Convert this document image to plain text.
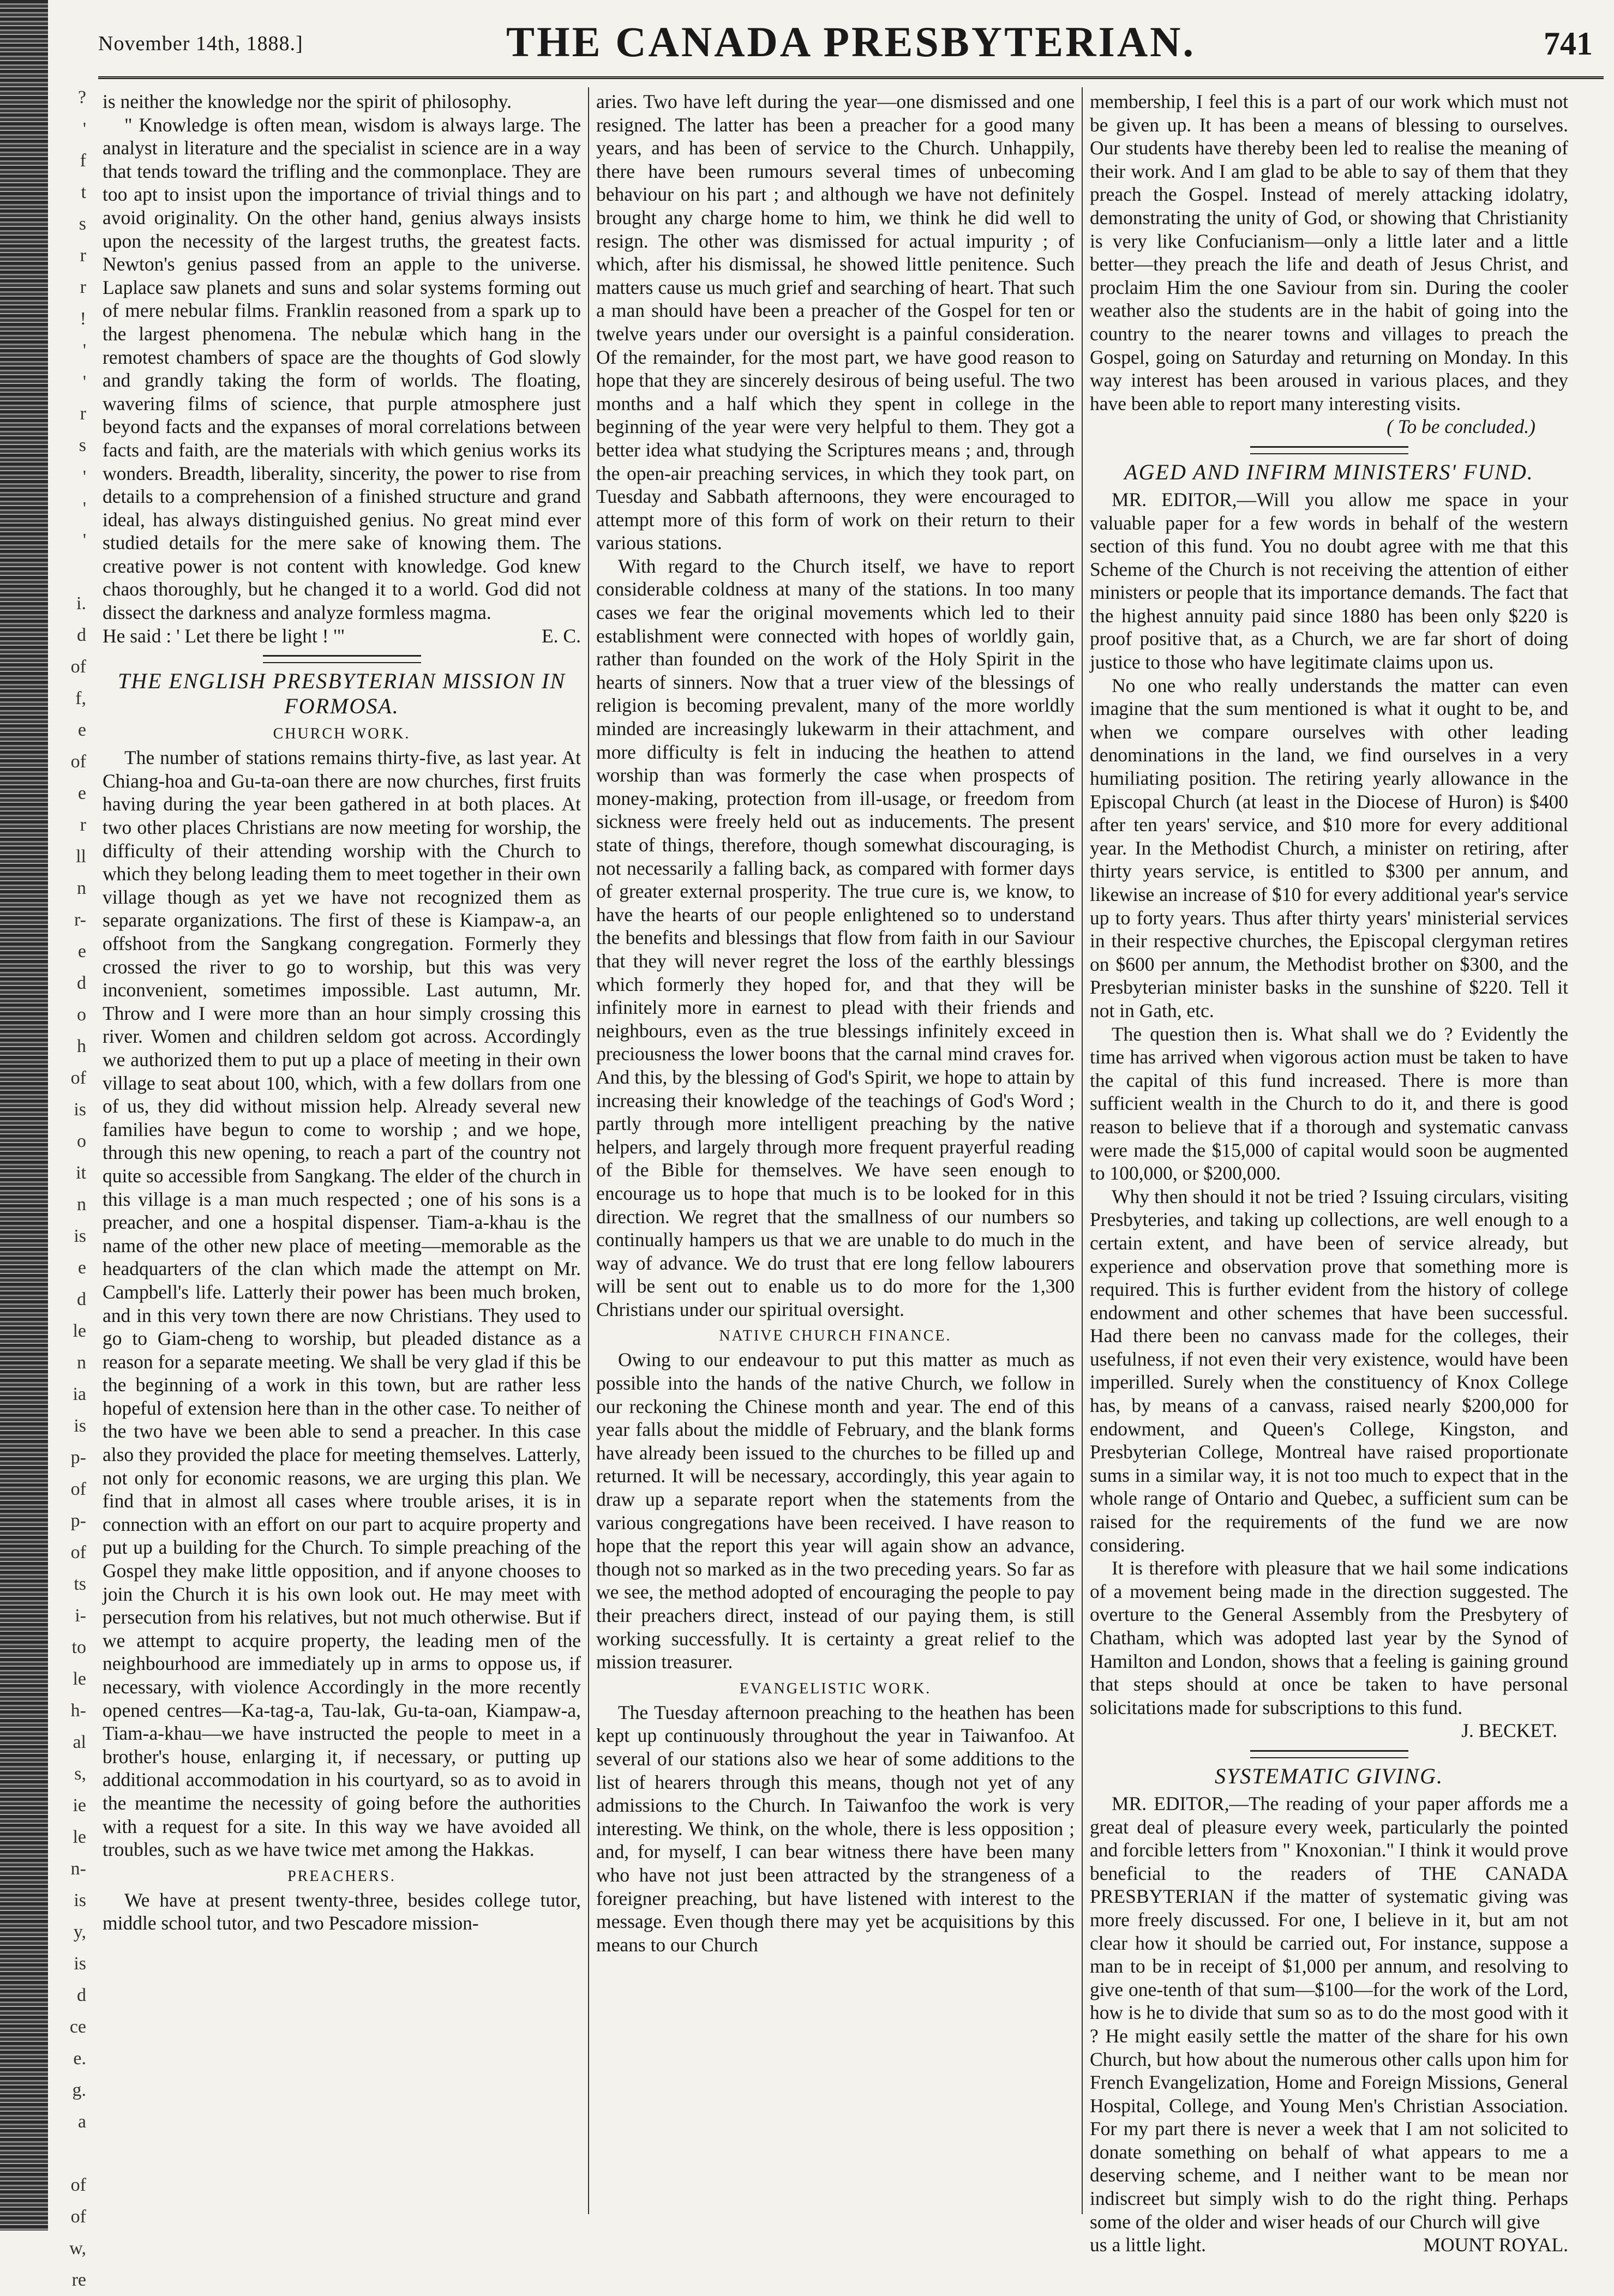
?
'
f
t
s
r
r
!
'
'
r
s
'
'
'
i.
d
of
f,
e
of
e
r
ll
n
r-
e
d
o
h
of
is
o
it
n
is
e
d
le
n
ia
is
p-
of
p-
of
ts
i-
to
le
h-
al
s,
ie
le
n-
is
y,
is
d
ce
e.
g.
a
of
of
w,
re
November 14th, 1888.]	THE CANADA PRESBYTERIAN.	741

is neither the knowledge nor the spirit of philosophy.

" Knowledge is often mean, wisdom is always large. The analyst in literature and the specialist in science are in a way that tends toward the trifling and the commonplace. They are too apt to insist upon the importance of trivial things and to avoid originality. On the other hand, genius always insists upon the necessity of the largest truths, the greatest facts. Newton's genius passed from an apple to the universe. Laplace saw planets and suns and solar systems forming out of mere nebular films. Franklin reasoned from a spark up to the largest phenomena. The nebulæ which hang in the remotest chambers of space are the thoughts of God slowly and grandly taking the form of worlds. The floating, wavering films of science, that purple atmosphere just beyond facts and the expanses of moral correlations between facts and faith, are the materials with which genius works its wonders. Breadth, liberality, sincerity, the power to rise from details to a comprehension of a finished structure and grand ideal, has always distinguished genius. No great mind ever studied details for the mere sake of knowing them. The creative power is not content with knowledge. God knew chaos thoroughly, but he changed it to a world. God did not dissect the darkness and analyze formless magma.

He said : ' Let there be light ! '"	E. C.
THE ENGLISH PRESBYTERIAN MISSION IN FORMOSA.
CHURCH WORK.

The number of stations remains thirty-five, as last year. At Chiang-hoa and Gu-ta-oan there are now churches, first fruits having during the year been gathered in at both places. At two other places Christians are now meeting for worship, the difficulty of their attending worship with the Church to which they belong leading them to meet together in their own village though as yet we have not recognized them as separate organizations. The first of these is Kiampaw-a, an offshoot from the Sangkang congregation. Formerly they crossed the river to go to worship, but this was very inconvenient, sometimes impossible. Last autumn, Mr. Throw and I were more than an hour simply crossing this river. Women and children seldom got across. Accordingly we authorized them to put up a place of meeting in their own village to seat about 100, which, with a few dollars from one of us, they did without mission help. Already several new families have begun to come to worship ; and we hope, through this new opening, to reach a part of the country not quite so accessible from Sangkang. The elder of the church in this village is a man much respected ; one of his sons is a preacher, and one a hospital dispenser. Tiam-a-khau is the name of the other new place of meeting—memorable as the headquarters of the clan which made the attempt on Mr. Campbell's life. Latterly their power has been much broken, and in this very town there are now Christians. They used to go to Giam-cheng to worship, but pleaded distance as a reason for a separate meeting. We shall be very glad if this be the beginning of a work in this town, but are rather less hopeful of extension here than in the other case. To neither of the two have we been able to send a preacher. In this case also they provided the place for meeting themselves. Latterly, not only for economic reasons, we are urging this plan. We find that in almost all cases where trouble arises, it is in connection with an effort on our part to acquire property and put up a building for the Church. To simple preaching of the Gospel they make little opposition, and if anyone chooses to join the Church it is his own look out. He may meet with persecution from his relatives, but not much otherwise. But if we attempt to acquire property, the leading men of the neighbourhood are immediately up in arms to oppose us, if necessary, with violence Accordingly in the more recently opened centres—Ka-tag-a, Tau-lak, Gu-ta-oan, Kiampaw-a, Tiam-a-khau—we have instructed the people to meet in a brother's house, enlarging it, if necessary, or putting up additional accommodation in his courtyard, so as to avoid in the meantime the necessity of going before the authorities with a request for a site. In this way we have avoided all troubles, such as we have twice met among the Hakkas.

PREACHERS.

We have at present twenty-three, besides college tutor, middle school tutor, and two Pescadore mission-

aries. Two have left during the year—one dismissed and one resigned. The latter has been a preacher for a good many years, and has been of service to the Church. Unhappily, there have been rumours several times of unbecoming behaviour on his part ; and although we have not definitely brought any charge home to him, we think he did well to resign. The other was dismissed for actual impurity ; of which, after his dismissal, he showed little penitence. Such matters cause us much grief and searching of heart. That such a man should have been a preacher of the Gospel for ten or twelve years under our oversight is a painful consideration. Of the remainder, for the most part, we have good reason to hope that they are sincerely desirous of being useful. The two months and a half which they spent in college in the beginning of the year were very helpful to them. They got a better idea what studying the Scriptures means ; and, through the open-air preaching services, in which they took part, on Tuesday and Sabbath afternoons, they were encouraged to attempt more of this form of work on their return to their various stations.

With regard to the Church itself, we have to report considerable coldness at many of the stations. In too many cases we fear the original movements which led to their establishment were connected with hopes of worldly gain, rather than founded on the work of the Holy Spirit in the hearts of sinners. Now that a truer view of the blessings of religion is becoming prevalent, many of the more worldly minded are increasingly lukewarm in their attachment, and more difficulty is felt in inducing the heathen to attend worship than was formerly the case when prospects of money-making, protection from ill-usage, or freedom from sickness were freely held out as inducements. The present state of things, therefore, though somewhat discouraging, is not necessarily a falling back, as compared with former days of greater external prosperity. The true cure is, we know, to have the hearts of our people enlightened so to understand the benefits and blessings that flow from faith in our Saviour that they will never regret the loss of the earthly blessings which formerly they hoped for, and that they will be infinitely more in earnest to plead with their friends and neighbours, even as the true blessings infinitely exceed in preciousness the lower boons that the carnal mind craves for. And this, by the blessing of God's Spirit, we hope to attain by increasing their knowledge of the teachings of God's Word ; partly through more intelligent preaching by the native helpers, and largely through more frequent prayerful reading of the Bible for themselves. We have seen enough to encourage us to hope that much is to be looked for in this direction. We regret that the smallness of our numbers so continually hampers us that we are unable to do much in the way of advance. We do trust that ere long fellow labourers will be sent out to enable us to do more for the 1,300 Christians under our spiritual oversight.

NATIVE CHURCH FINANCE.

Owing to our endeavour to put this matter as much as possible into the hands of the native Church, we follow in our reckoning the Chinese month and year. The end of this year falls about the middle of February, and the blank forms have already been issued to the churches to be filled up and returned. It will be necessary, accordingly, this year again to draw up a separate report when the statements from the various congregations have been received. I have reason to hope that the report this year will again show an advance, though not so marked as in the two preceding years. So far as we see, the method adopted of encouraging the people to pay their preachers direct, instead of our paying them, is still working successfully. It is certainty a great relief to the mission treasurer.

EVANGELISTIC WORK.

The Tuesday afternoon preaching to the heathen has been kept up continuously throughout the year in Taiwanfoo. At several of our stations also we hear of some additions to the list of hearers through this means, though not yet of any admissions to the Church. In Taiwanfoo the work is very interesting. We think, on the whole, there is less opposition ; and, for myself, I can bear witness there have been many who have not just been attracted by the strangeness of a foreigner preaching, but have listened with interest to the message. Even though there may yet be acquisitions by this means to our Church

membership, I feel this is a part of our work which must not be given up. It has been a means of blessing to ourselves. Our students have thereby been led to realise the meaning of their work. And I am glad to be able to say of them that they preach the Gospel. Instead of merely attacking idolatry, demonstrating the unity of God, or showing that Christianity is very like Confucianism—only a little later and a little better—they preach the life and death of Jesus Christ, and proclaim Him the one Saviour from sin. During the cooler weather also the students are in the habit of going into the country to the nearer towns and villages to preach the Gospel, going on Saturday and returning on Monday. In this way interest has been aroused in various places, and they have been able to report many interesting visits.

( To be concluded.)
AGED AND INFIRM MINISTERS' FUND.

MR. EDITOR,—Will you allow me space in your valuable paper for a few words in behalf of the western section of this fund. You no doubt agree with me that this Scheme of the Church is not receiving the attention of either ministers or people that its importance demands. The fact that the highest annuity paid since 1880 has been only $220 is proof positive that, as a Church, we are far short of doing justice to those who have legitimate claims upon us.

No one who really understands the matter can even imagine that the sum mentioned is what it ought to be, and when we compare ourselves with other leading denominations in the land, we find ourselves in a very humiliating position. The retiring yearly allowance in the Episcopal Church (at least in the Diocese of Huron) is $400 after ten years' service, and $10 more for every additional year. In the Methodist Church, a minister on retiring, after thirty years service, is entitled to $300 per annum, and likewise an increase of $10 for every additional year's service up to forty years. Thus after thirty years' ministerial services in their respective churches, the Episcopal clergyman retires on $600 per annum, the Methodist brother on $300, and the Presbyterian minister basks in the sunshine of $220. Tell it not in Gath, etc.

The question then is. What shall we do ? Evidently the time has arrived when vigorous action must be taken to have the capital of this fund increased. There is more than sufficient wealth in the Church to do it, and there is good reason to believe that if a thorough and systematic canvass were made the $15,000 of capital would soon be augmented to 100,000, or $200,000.

Why then should it not be tried ? Issuing circulars, visiting Presbyteries, and taking up collections, are well enough to a certain extent, and have been of service already, but experience and observation prove that something more is required. This is further evident from the history of college endowment and other schemes that have been successful. Had there been no canvass made for the colleges, their usefulness, if not even their very existence, would have been imperilled. Surely when the constituency of Knox College has, by means of a canvass, raised nearly $200,000 for endowment, and Queen's College, Kingston, and Presbyterian College, Montreal have raised proportionate sums in a similar way, it is not too much to expect that in the whole range of Ontario and Quebec, a sufficient sum can be raised for the requirements of the fund we are now considering.

It is therefore with pleasure that we hail some indications of a movement being made in the direction suggested. The overture to the General Assembly from the Presbytery of Chatham, which was adopted last year by the Synod of Hamilton and London, shows that a feeling is gaining ground that steps should at once be taken to have personal solicitations made for subscriptions to this fund.

J. BECKET.
SYSTEMATIC GIVING.

MR. EDITOR,—The reading of your paper affords me a great deal of pleasure every week, particularly the pointed and forcible letters from " Knoxonian." I think it would prove beneficial to the readers of THE CANADA PRESBYTERIAN if the matter of systematic giving was more freely discussed. For one, I believe in it, but am not clear how it should be carried out, For instance, suppose a man to be in receipt of $1,000 per annum, and resolving to give one-tenth of that sum—$100—for the work of the Lord, how is he to divide that sum so as to do the most good with it ? He might easily settle the matter of the share for his own Church, but how about the numerous other calls upon him for French Evangelization, Home and Foreign Missions, General Hospital, College, and Young Men's Christian Association. For my part there is never a week that I am not solicited to donate something on behalf of what appears to me a deserving scheme, and I neither want to be mean nor indiscreet but simply wish to do the right thing. Perhaps some of the older and wiser heads of our Church will give

us a little light.	MOUNT ROYAL.
